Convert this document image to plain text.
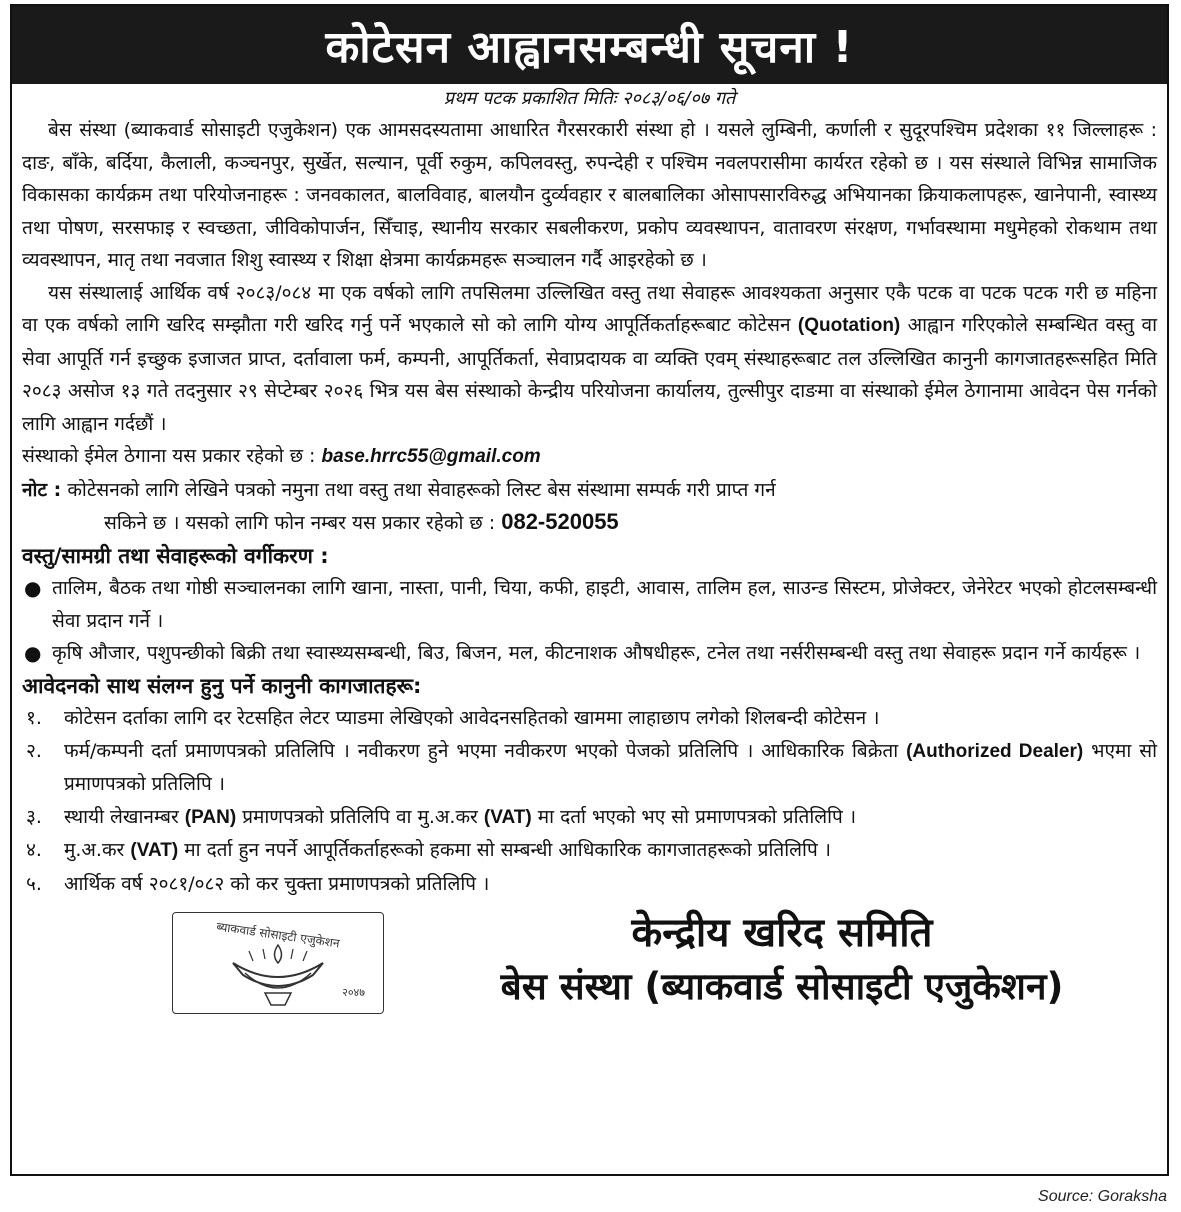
कोटेसन आह्वानसम्बन्धी सूचना !
प्रथम पटक प्रकाशित मितिः २०८३/०६/०७ गते

बेस संस्था (ब्याकवार्ड सोसाइटी एजुकेशन) एक आमसदस्यतामा आधारित गैरसरकारी संस्था हो । यसले लुम्बिनी, कर्णाली र सुदूरपश्चिम प्रदेशका ११ जिल्लाहरू : दाङ, बाँके, बर्दिया, कैलाली, कञ्चनपुर, सुर्खेत, सल्यान, पूर्वी रुकुम, कपिलवस्तु, रुपन्देही र पश्चिम नवलपरासीमा कार्यरत रहेको छ । यस संस्थाले विभिन्न सामाजिक विकासका कार्यक्रम तथा परियोजनाहरू : जनवकालत, बालविवाह, बालयौन दुर्व्यवहार र बालबालिका ओसापसारविरुद्ध अभियानका क्रियाकलापहरू, खानेपानी, स्वास्थ्य तथा पोषण, सरसफाइ र स्वच्छता, जीविकोपार्जन, सिँचाइ, स्थानीय सरकार सबलीकरण, प्रकोप व्यवस्थापन, वातावरण संरक्षण, गर्भावस्थामा मधुमेहको रोकथाम तथा व्यवस्थापन, मातृ तथा नवजात शिशु स्वास्थ्य र शिक्षा क्षेत्रमा कार्यक्रमहरू सञ्चालन गर्दै आइरहेको छ ।

यस संस्थालाई आर्थिक वर्ष २०८३/०८४ मा एक वर्षको लागि तपसिलमा उल्लिखित वस्तु तथा सेवाहरू आवश्यकता अनुसार एकै पटक वा पटक पटक गरी छ महिना वा एक वर्षको लागि खरिद सम्झौता गरी खरिद गर्नु पर्ने भएकाले सो को लागि योग्य आपूर्तिकर्ताहरूबाट कोटेसन (Quotation) आह्वान गरिएकोले सम्बन्धित वस्तु वा सेवा आपूर्ति गर्न इच्छुक इजाजत प्राप्त, दर्तावाला फर्म, कम्पनी, आपूर्तिकर्ता, सेवाप्रदायक वा व्यक्ति एवम् संस्थाहरूबाट तल उल्लिखित कानुनी कागजातहरूसहित मिति २०८३ असोज १३ गते तदनुसार २९ सेप्टेम्बर २०२६ भित्र यस बेस संस्थाको केन्द्रीय परियोजना कार्यालय, तुल्सीपुर दाङमा वा संस्थाको ईमेल ठेगानामा आवेदन पेस गर्नको लागि आह्वान गर्दछौं ।

संस्थाको ईमेल ठेगाना यस प्रकार रहेको छ : base.hrrc55@gmail.com

नोट : कोटेसनको लागि लेखिने पत्रको नमुना तथा वस्तु तथा सेवाहरूको लिस्ट बेस संस्थामा सम्पर्क गरी प्राप्त गर्न

सकिने छ । यसको लागि फोन नम्बर यस प्रकार रहेको छ : 082-520055

वस्तु/सामग्री तथा सेवाहरूको वर्गीकरण :

● तालिम, बैठक तथा गोष्ठी सञ्चालनका लागि खाना, नास्ता, पानी, चिया, कफी, हाइटी, आवास, तालिम हल, साउन्ड सिस्टम, प्रोजेक्टर, जेनेरेटर भएको होटलसम्बन्धी सेवा प्रदान गर्ने ।
● कृषि औजार, पशुपन्छीको बिक्री तथा स्वास्थ्यसम्बन्धी, बिउ, बिजन, मल, कीटनाशक औषधीहरू, टनेल तथा नर्सरीसम्बन्धी वस्तु तथा सेवाहरू प्रदान गर्ने कार्यहरू ।

आवेदनको साथ संलग्न हुनु पर्ने कानुनी कागजातहरू:

१. कोटेसन दर्ताका लागि दर रेटसहित लेटर प्याडमा लेखिएको आवेदनसहितको खाममा लाहाछाप लगेको शिलबन्दी कोटेसन ।
२. फर्म/कम्पनी दर्ता प्रमाणपत्रको प्रतिलिपि । नवीकरण हुने भएमा नवीकरण भएको पेजको प्रतिलिपि । आधिकारिक बिक्रेता (Authorized Dealer) भएमा सो प्रमाणपत्रको प्रतिलिपि ।
३. स्थायी लेखानम्बर (PAN) प्रमाणपत्रको प्रतिलिपि वा मु.अ.कर (VAT) मा दर्ता भएको भए सो प्रमाणपत्रको प्रतिलिपि ।
४. मु.अ.कर (VAT) मा दर्ता हुन नपर्ने आपूर्तिकर्ताहरूको हकमा सो सम्बन्धी आधिकारिक कागजातहरूको प्रतिलिपि ।
५. आर्थिक वर्ष २०८१/०८२ को कर चुक्ता प्रमाणपत्रको प्रतिलिपि ।
ब्याकवार्ड सोसाइटी एजुकेशन
२०४७
केन्द्रीय खरिद समिति
बेस संस्था (ब्याकवार्ड सोसाइटी एजुकेशन)
Source: Goraksha
